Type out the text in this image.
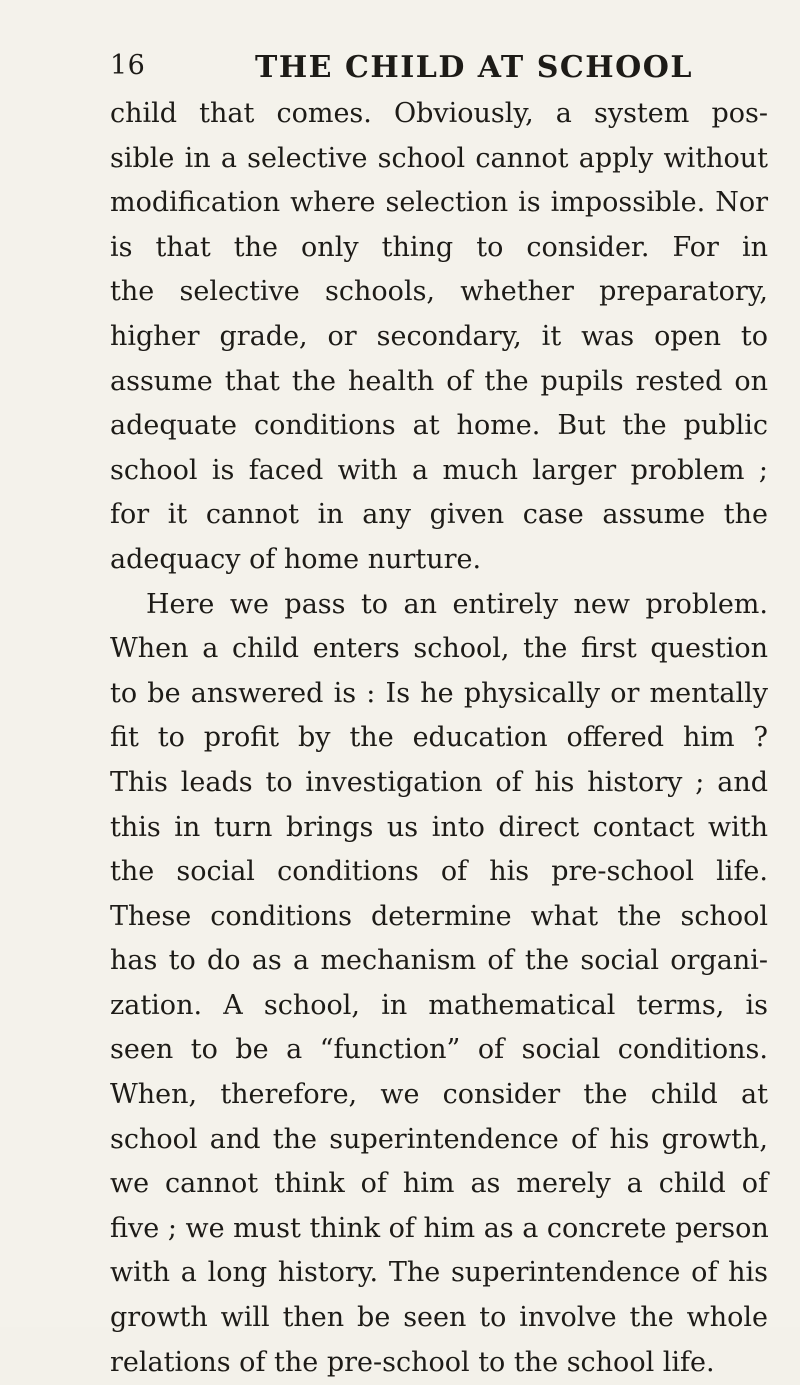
16	THE CHILD AT SCHOOL
child that comes. Obviously, a system pos-
sible in a selective school cannot apply without
modification where selection is impossible. Nor
is that the only thing to consider. For in
the selective schools, whether preparatory,
higher grade, or secondary, it was open to
assume that the health of the pupils rested on
adequate conditions at home. But the public
school is faced with a much larger problem ;
for it cannot in any given case assume the
adequacy of home nurture.
Here we pass to an entirely new problem.
When a child enters school, the first question
to be answered is : Is he physically or mentally
fit to profit by the education offered him ?
This leads to investigation of his history ; and
this in turn brings us into direct contact with
the social conditions of his pre-school life.
These conditions determine what the school
has to do as a mechanism of the social organi-
zation. A school, in mathematical terms, is
seen to be a “function” of social conditions.
When, therefore, we consider the child at
school and the superintendence of his growth,
we cannot think of him as merely a child of
five ; we must think of him as a concrete person
with a long history. The superintendence of his
growth will then be seen to involve the whole
relations of the pre-school to the school life.
